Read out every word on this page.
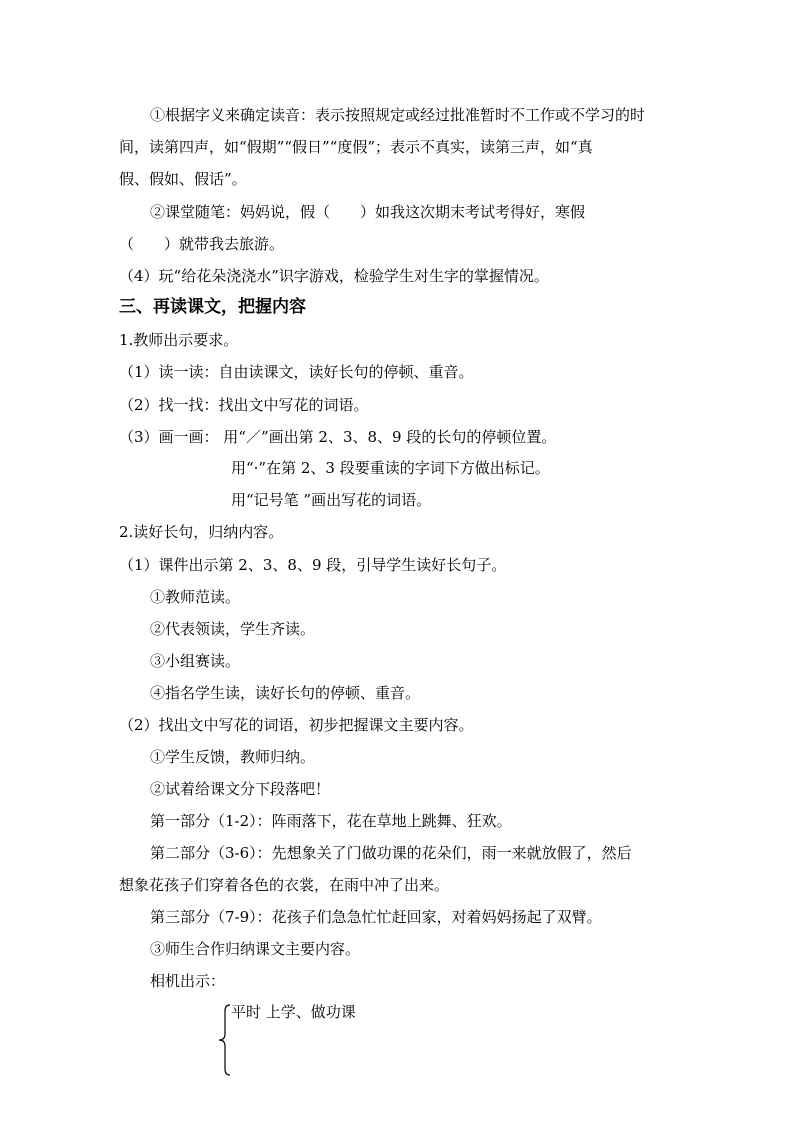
①根据字义来确定读音：表示按照规定或经过批准暂时不工作或不学习的时
间，读第四声，如“假期”“假日”“度假”；表示不真实，读第三声，如“真
假、假如、假话”。
②课堂随笔：妈妈说，假（　　）如我这次期末考试考得好，寒假
（　　）就带我去旅游。
（4）玩“给花朵浇浇水”识字游戏，检验学生对生字的掌握情况。
三、再读课文，把握内容
1.教师出示要求。
（1）读一读：自由读课文，读好长句的停顿、重音。
（2）找一找：找出文中写花的词语。
（3）画一画： 用“／”画出第 2、3、8、9 段的长句的停顿位置。
用“·”在第 2、3 段要重读的字词下方做出标记。
用“记号笔 ”画出写花的词语。
2.读好长句，归纳内容。
（1）课件出示第 2、3、8、9 段，引导学生读好长句子。
①教师范读。
②代表领读，学生齐读。
③小组赛读。
④指名学生读，读好长句的停顿、重音。
（2）找出文中写花的词语，初步把握课文主要内容。
①学生反馈，教师归纳。
②试着给课文分下段落吧！
第一部分（1-2）：阵雨落下，花在草地上跳舞、狂欢。
第二部分（3-6）：先想象关了门做功课的花朵们，雨一来就放假了，然后
想象花孩子们穿着各色的衣裳，在雨中冲了出来。
第三部分（7-9）：花孩子们急急忙忙赶回家，对着妈妈扬起了双臂。
③师生合作归纳课文主要内容。
相机出示：
平时 上学、做功课
